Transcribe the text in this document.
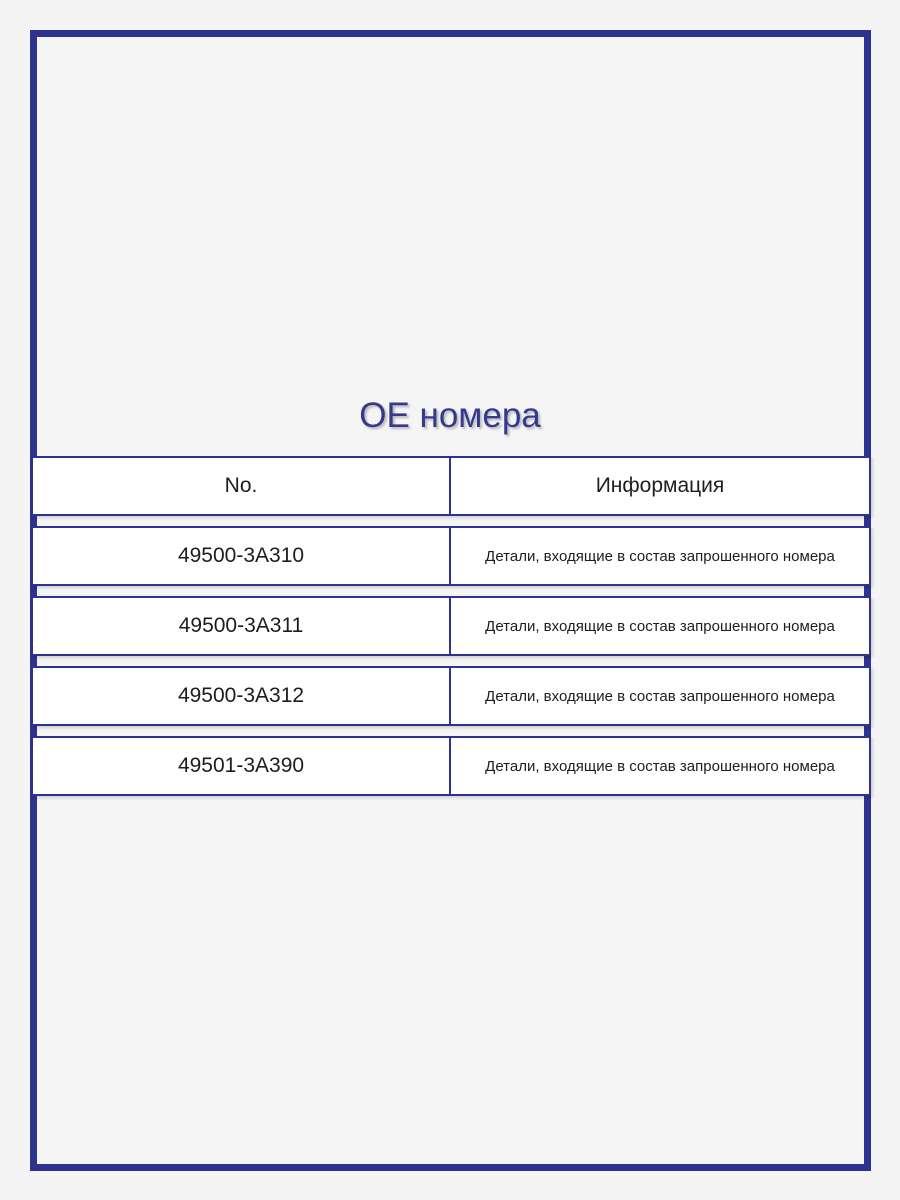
OE номера
No.	Информация
49500-3A310	Детали, входящие в состав запрошенного номера
49500-3A311	Детали, входящие в состав запрошенного номера
49500-3A312	Детали, входящие в состав запрошенного номера
49501-3A390	Детали, входящие в состав запрошенного номера
